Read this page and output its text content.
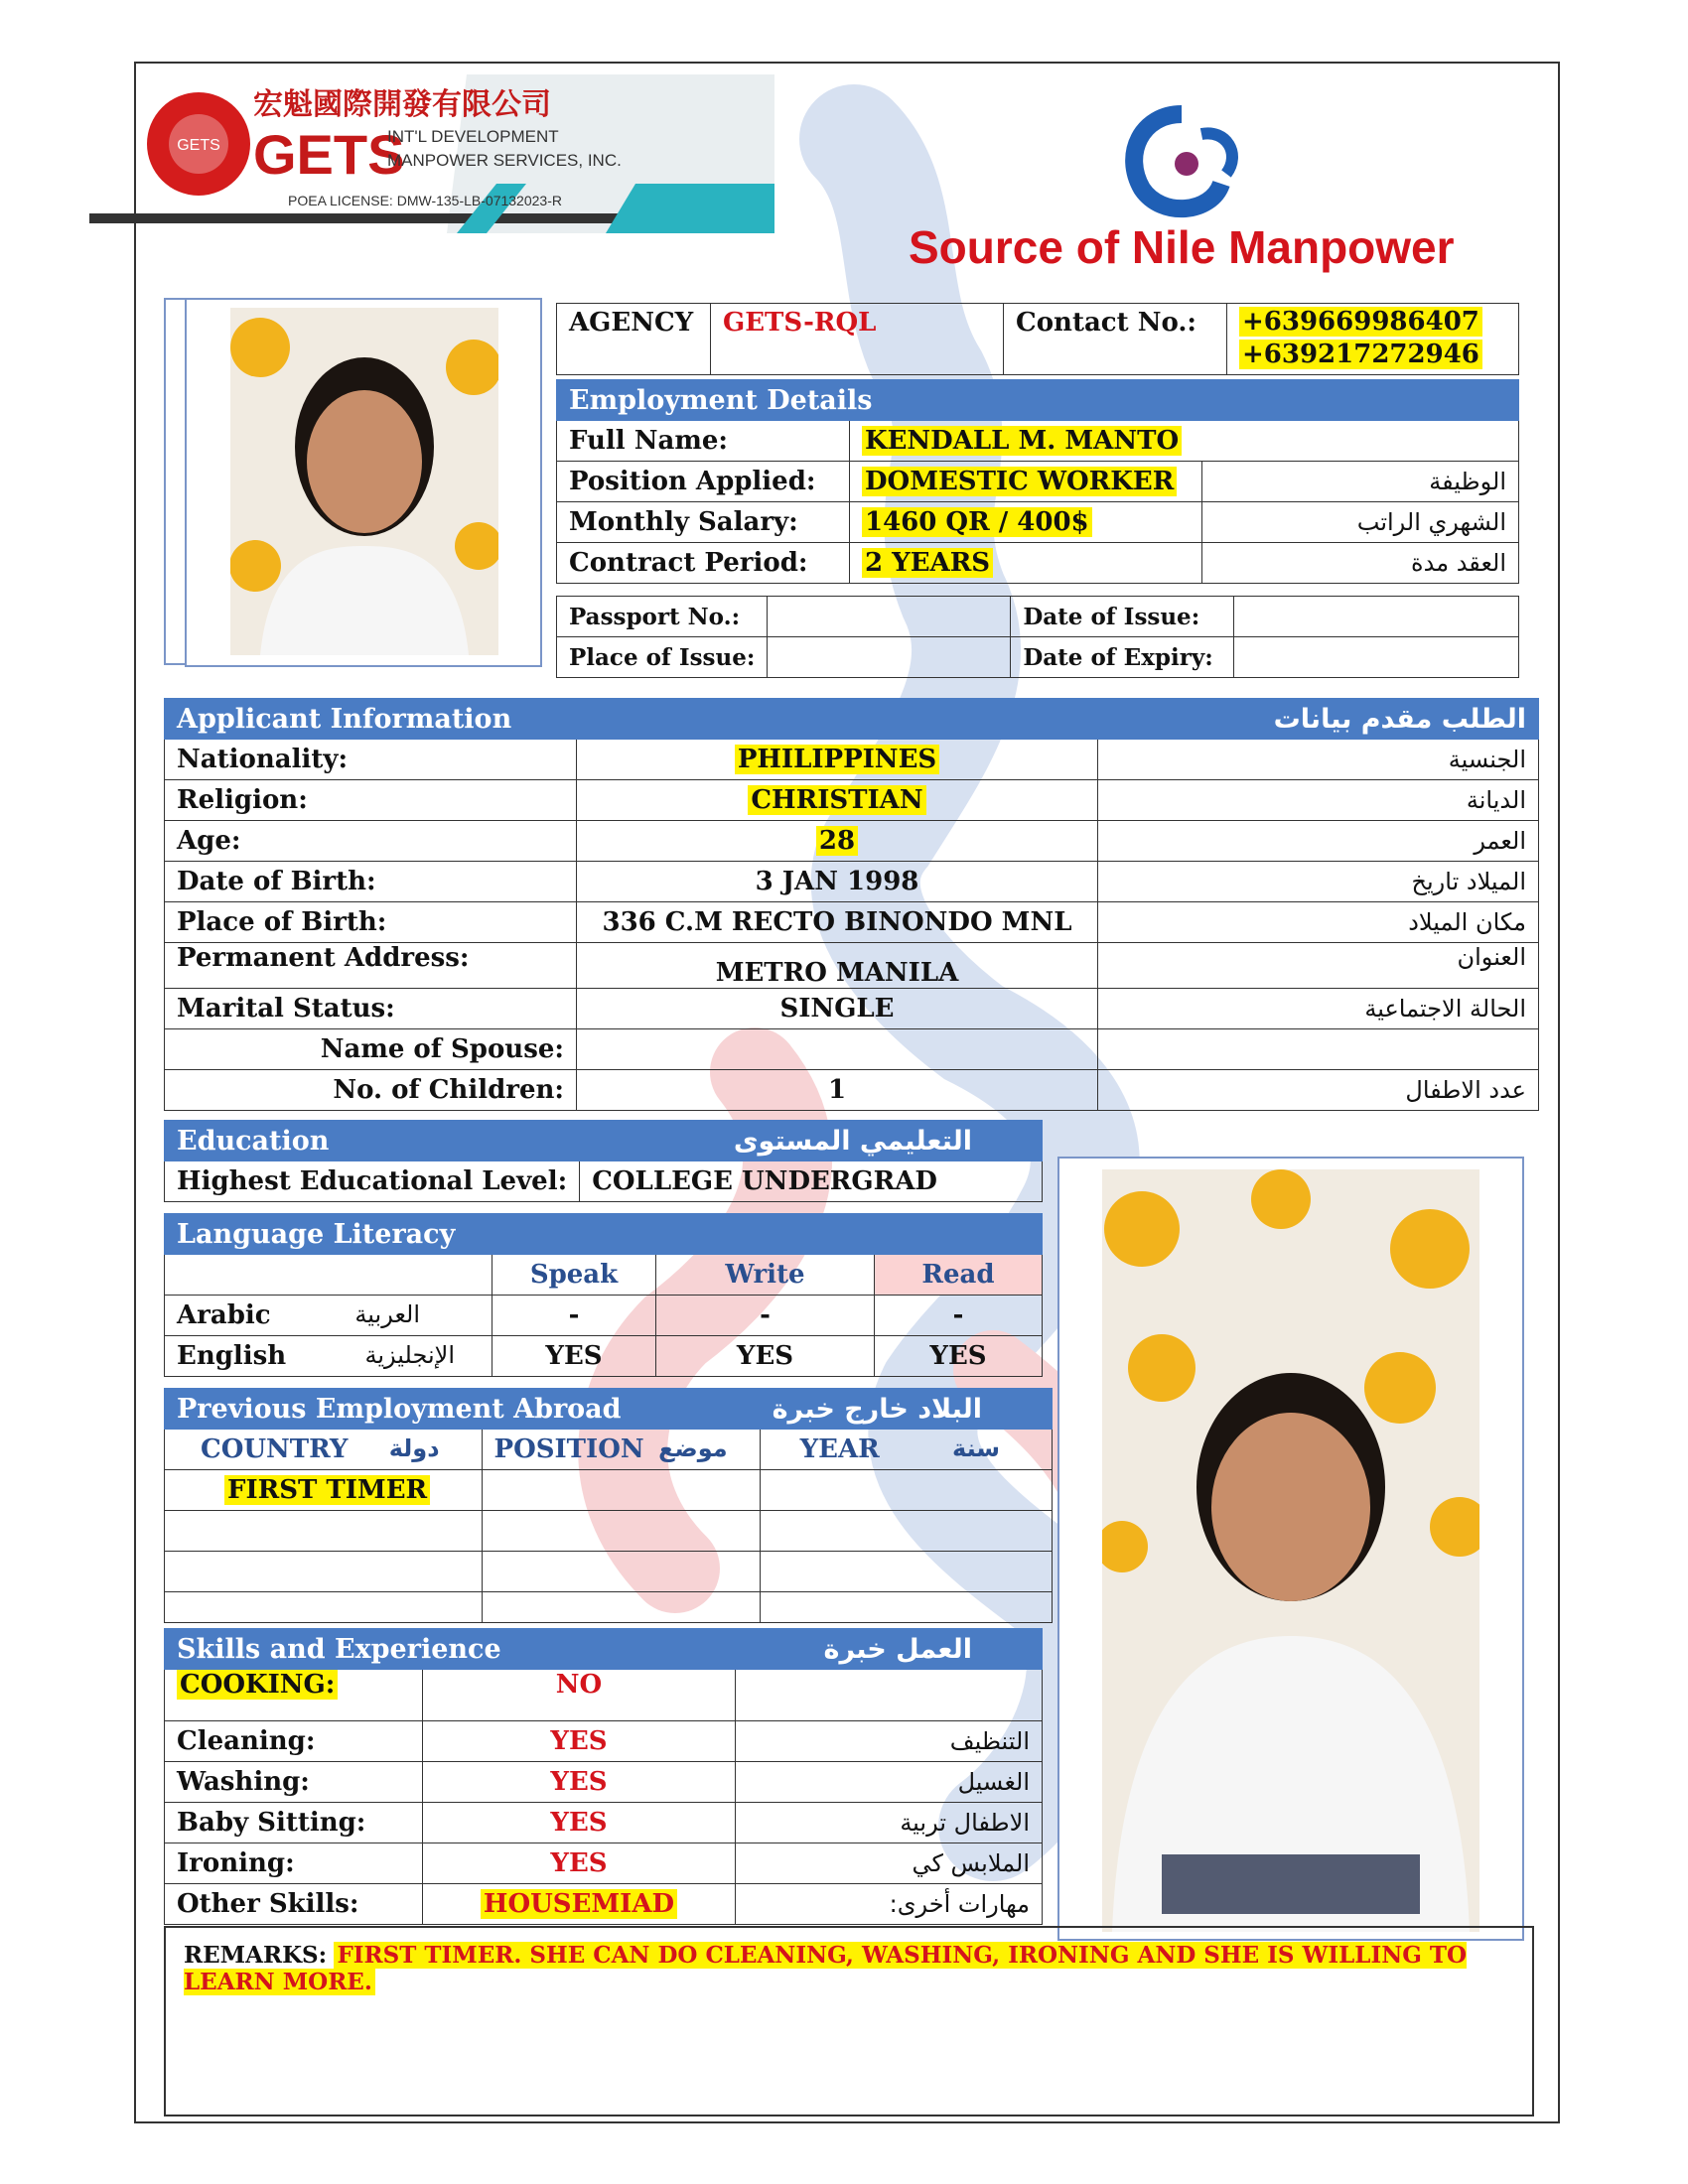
GETS
宏魁國際開發有限公司
GETS
INT'L DEVELOPMENT
MANPOWER SERVICES, INC.
POEA LICENSE: DMW-135-LB-07132023-R
Source of Nile Manpower
AGENCY	GETS-RQL	Contact No.:	+639669986407
+639217272946
Employment Details		
Full Name:	KENDALL M. MANTO	
Position Applied:	DOMESTIC WORKER	الوظيفة
Monthly Salary:	1460 QR / 400$	الشهري الراتب
Contract Period:	2 YEARS	العقد مدة
Passport No.:		Date of Issue:	
Place of Issue:		Date of Expiry:	
Applicant Information		الطلب مقدم بيانات
Nationality:	PHILIPPINES	الجنسية
Religion:	CHRISTIAN	الديانة
Age:	28	العمر
Date of Birth:	3 JAN 1998	الميلاد تاريخ
Place of Birth:	336 C.M RECTO BINONDO MNL	مكان الميلاد
Permanent Address:	METRO MANILA	العنوان
Marital Status:	SINGLE	الحالة الاجتماعية
Name of Spouse:		
No. of Children:	1	عدد الاطفال
Education	التعليمي المستوى
Highest Educational Level:	COLLEGE UNDERGRAD
Language Literacy			
	Speak	Write	Read
Arabic العربية	-	-	-
English الإنجليزية	YES	YES	YES
Previous Employment Abroad		البلاد خارج خبرة
COUNTRY دولة	POSITION موضع	YEAR سنة

FIRST TIMER		

Skills and Experience		العمل خبرة
COOKING:	NO	
Cleaning:	YES	التنظيف
Washing:	YES	الغسيل
Baby Sitting:	YES	الاطفال تربية
Ironing:	YES	الملابس كي
Other Skills:	HOUSEMIAD	مهارات أخرى:
REMARKS: FIRST TIMER. SHE CAN DO CLEANING, WASHING, IRONING AND SHE IS WILLING TO LEARN MORE.
